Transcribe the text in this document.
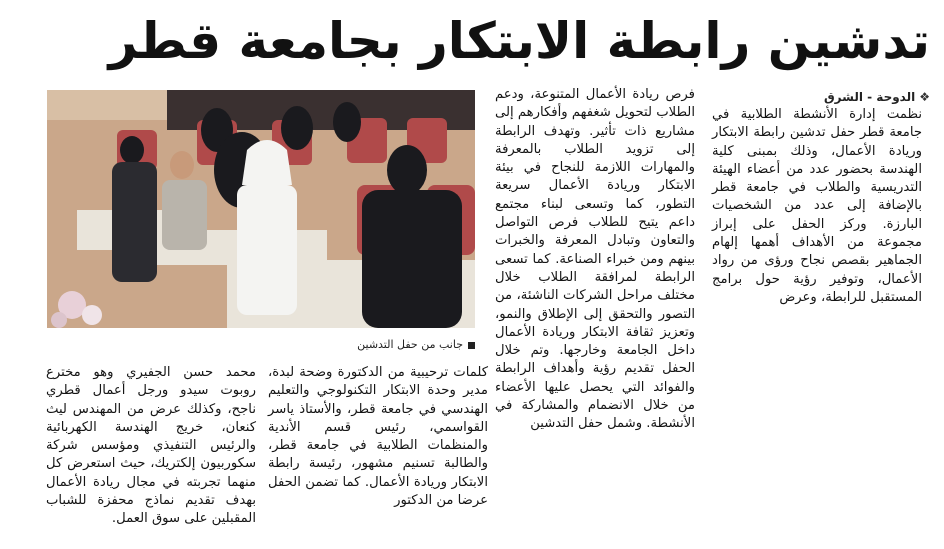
تدشين رابطة الابتكار بجامعة قطر
❖الدوحة - الشرق

نظمت إدارة الأنشطة الطلابية في جامعة قطر حفل تدشين رابطة الابتكار وريادة الأعمال، وذلك بمبنى كلية الهندسة بحضور عدد من أعضاء الهيئة التدريسية والطلاب في جامعة قطر بالإضافة إلى عدد من الشخصيات البارزة. وركز الحفل على إبراز مجموعة من الأهداف أهمها إلهام الجماهير بقصص نجاح ورؤى من رواد الأعمال، وتوفير رؤية حول برامج المستقبل للرابطة، وعرض

فرص ريادة الأعمال المتنوعة، ودعم الطلاب لتحويل شغفهم وأفكارهم إلى مشاريع ذات تأثير. وتهدف الرابطة إلى تزويد الطلاب بالمعرفة والمهارات اللازمة للنجاح في بيئة الابتكار وريادة الأعمال سريعة التطور، كما وتسعى لبناء مجتمع داعم يتيح للطلاب فرص التواصل والتعاون وتبادل المعرفة والخبرات بينهم ومن خبراء الصناعة. كما تسعى الرابطة لمرافقة الطلاب خلال مختلف مراحل الشركات الناشئة، من التصور والتحقق إلى الإطلاق والنمو، وتعزيز ثقافة الابتكار وريادة الأعمال داخل الجامعة وخارجها. وتم خلال الحفل تقديم رؤية وأهداف الرابطة والفوائد التي يحصل عليها الأعضاء من خلال الانضمام والمشاركة في الأنشطة. وشمل حفل التدشين

جانب من حفل التدشين

كلمات ترحيبية من الدكتورة وضحة لبدة، مدير وحدة الابتكار التكنولوجي والتعليم الهندسي في جامعة قطر، والأستاذ ياسر القواسمي، رئيس قسم الأندية والمنظمات الطلابية في جامعة قطر، والطالبة تسنيم مشهور، رئيسة رابطة الابتكار وريادة الأعمال. كما تضمن الحفل عرضا من الدكتور

محمد حسن الجفيري وهو مخترع روبوت سيدو ورجل أعمال قطري ناجح، وكذلك عرض من المهندس ليث كنعان، خريج الهندسة الكهربائية والرئيس التنفيذي ومؤسس شركة سكوربيون إلكتريك، حيث استعرض كل منهما تجربته في مجال ريادة الأعمال بهدف تقديم نماذج محفزة للشباب المقبلين على سوق العمل.
